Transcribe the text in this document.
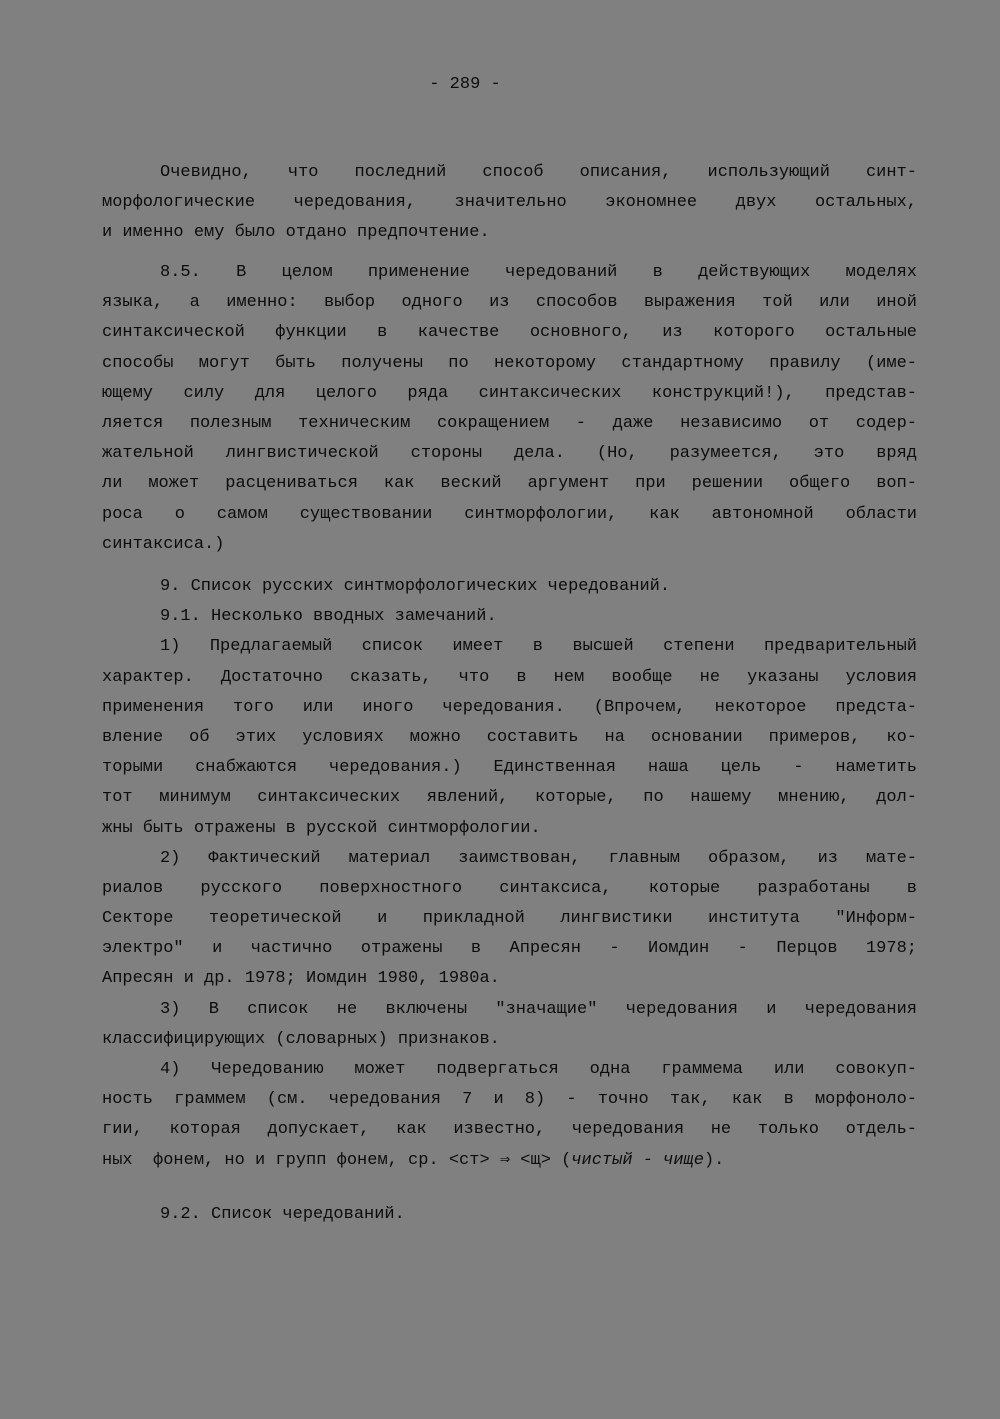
- 289 -
Очевидно, что последний способ описания, использующий синт-
морфологические чередования, значительно экономнее двух остальных,
и именно ему было отдано предпочтение.
8.5. В целом применение чередований в действующих моделях
языка, а именно: выбор одного из способов выражения той или иной
синтаксической функции в качестве основного, из которого остальные
способы могут быть получены по некоторому стандартному правилу (име-
ющему силу для целого ряда синтаксических конструкций!), представ-
ляется полезным техническим сокращением - даже независимо от содер-
жательной лингвистической стороны дела. (Но, разумеется, это вряд
ли может расцениваться как веский аргумент при решении общего воп-
роса о самом существовании синтморфологии, как автономной области
синтаксиса.)
9. Список русских синтморфологических чередований.
9.1. Несколько вводных замечаний.
1) Предлагаемый список имеет в высшей степени предварительный
характер. Достаточно сказать, что в нем вообще не указаны условия
применения того или иного чередования. (Впрочем, некоторое предста-
вление об этих условиях можно составить на основании примеров, ко-
торыми снабжаются чередования.) Единственная наша цель - наметить
тот минимум синтаксических явлений, которые, по нашему мнению, дол-
жны быть отражены в русской синтморфологии.
2) Фактический материал заимствован, главным образом, из мате-
риалов русского поверхностного синтаксиса, которые разработаны в
Секторе теоретической и прикладной лингвистики института "Информ-
электро" и частично отражены в Апресян - Иомдин - Перцов 1978;
Апресян и др. 1978; Иомдин 1980, 1980а.
3) В список не включены "значащие" чередования и чередования
классифицирующих (словарных) признаков.
4) Чередованию может подвергаться одна граммема или совокуп-
ность граммем (см. чередования 7 и 8) - точно так, как в морфоноло-
гии, которая допускает, как известно, чередования не только отдель-
ных  фонем, но и групп фонем, ср. <ст> ⇒ <щ> (чистый - чище).
9.2. Список чередований.
